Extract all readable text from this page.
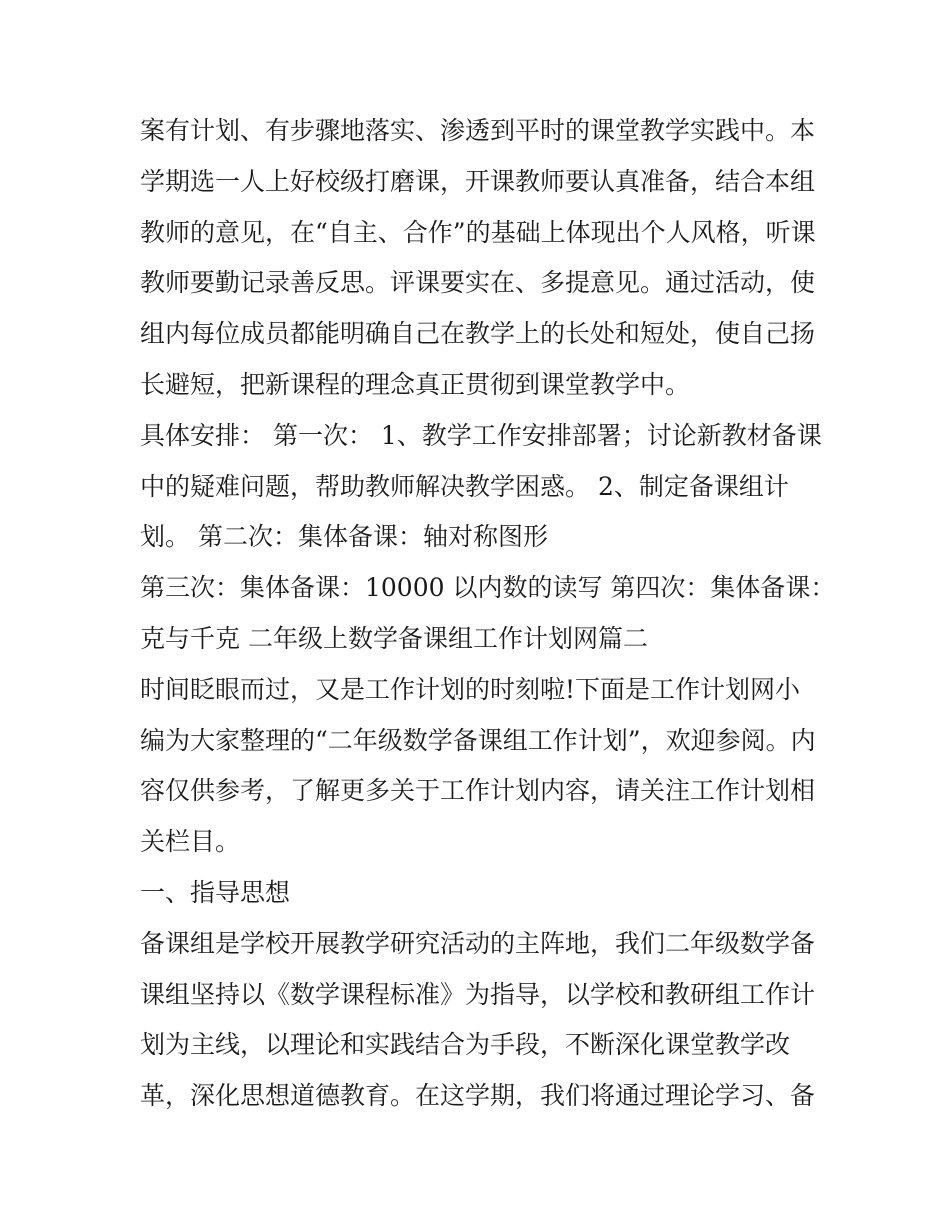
案有计划、有步骤地落实、渗透到平时的课堂教学实践中。本
学期选一人上好校级打磨课，开课教师要认真准备，结合本组
教师的意见，在“自主、合作”的基础上体现出个人风格，听课
教师要勤记录善反思。评课要实在、多提意见。通过活动，使
组内每位成员都能明确自己在教学上的长处和短处，使自己扬
长避短，把新课程的理念真正贯彻到课堂教学中。
具体安排： 第一次： 1、教学工作安排部署；讨论新教材备课
中的疑难问题，帮助教师解决教学困惑。 2、制定备课组计
划。 第二次：集体备课：轴对称图形
第三次：集体备课：10000 以内数的读写 第四次：集体备课：
克与千克 二年级上数学备课组工作计划网篇二
时间眨眼而过，又是工作计划的时刻啦!下面是工作计划网小
编为大家整理的“二年级数学备课组工作计划”，欢迎参阅。内
容仅供参考，了解更多关于工作计划内容，请关注工作计划相
关栏目。
一、指导思想
备课组是学校开展教学研究活动的主阵地，我们二年级数学备
课组坚持以《数学课程标准》为指导，以学校和教研组工作计
划为主线，以理论和实践结合为手段，不断深化课堂教学改
革，深化思想道德教育。在这学期，我们将通过理论学习、备
